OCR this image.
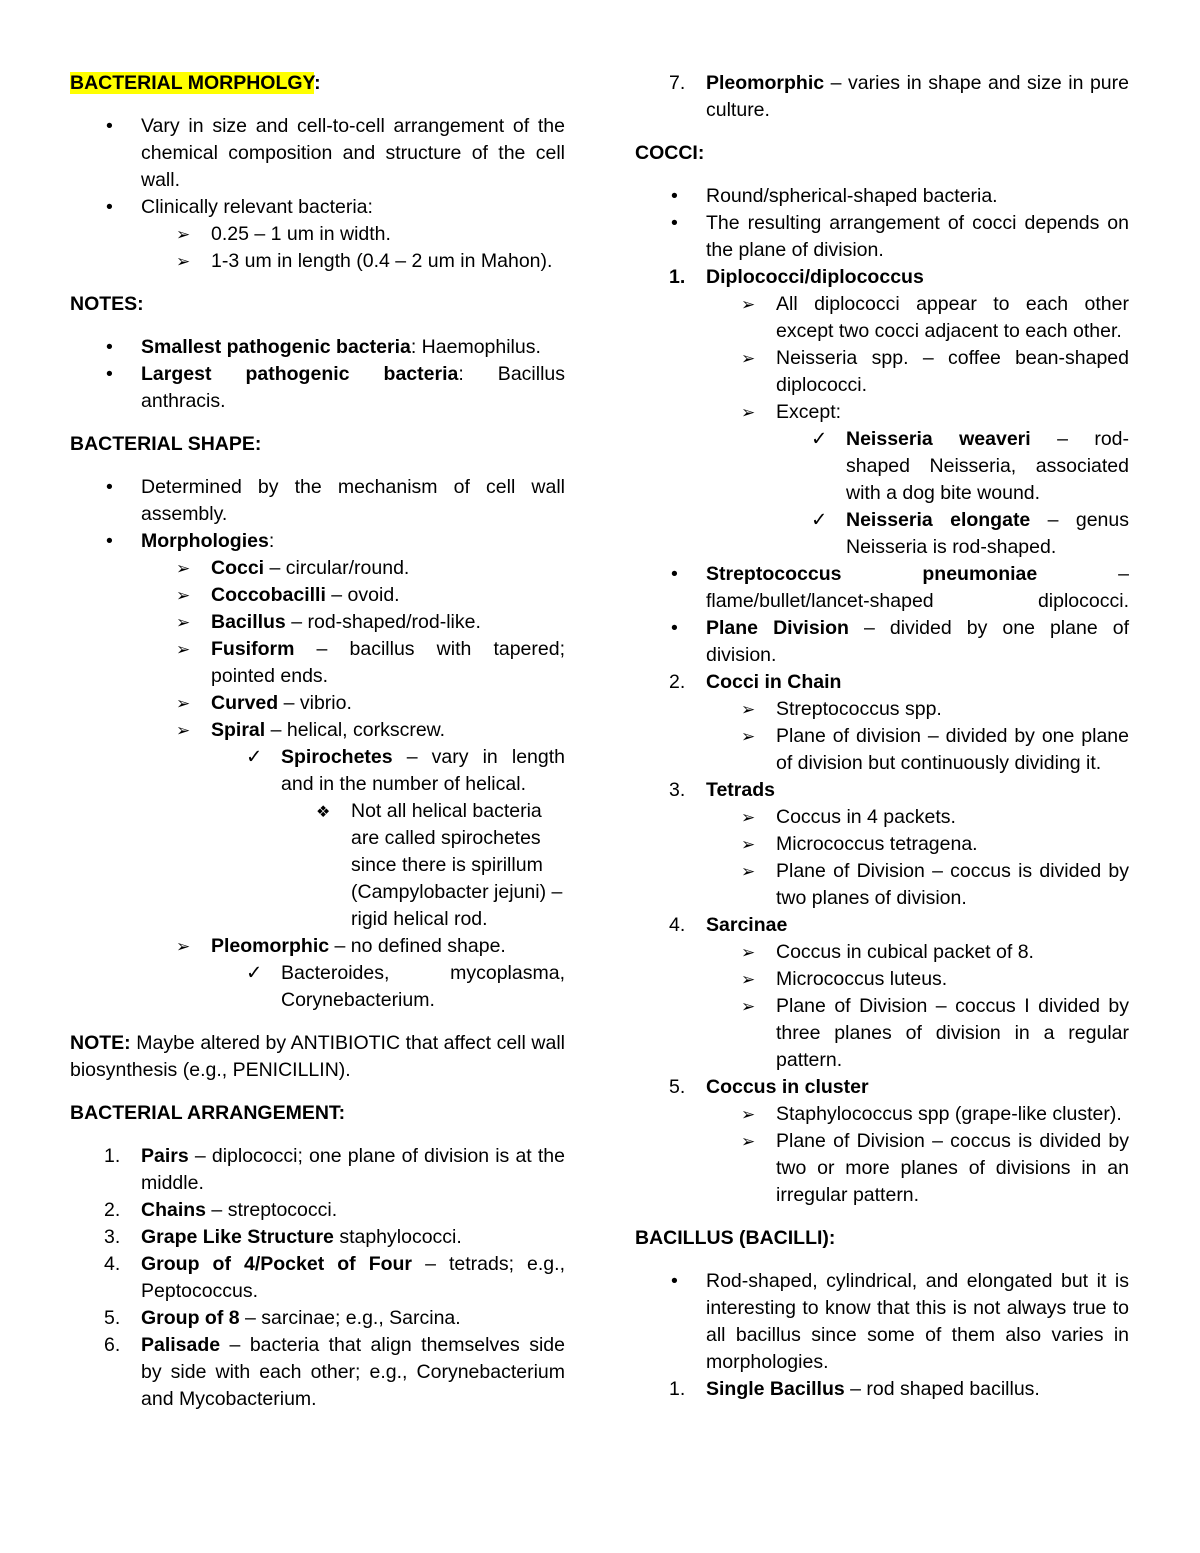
BACTERIAL MORPHOLGY:

•
Vary in size and cell-to-cell arrangement of the chemical composition and structure of the cell wall.
•
Clinically relevant bacteria:
➢
0.25 – 1 um in width.
➢
1-3 um in length (0.4 – 2 um in Mahon).

NOTES:

•
Smallest pathogenic bacteria: Haemophilus.
•
Largest pathogenic bacteria: Bacillus anthracis.

BACTERIAL SHAPE:

•
Determined by the mechanism of cell wall assembly.
•
Morphologies:
➢
Cocci – circular/round.
➢
Coccobacilli – ovoid.
➢
Bacillus – rod-shaped/rod-like.
➢
Fusiform – bacillus with tapered; pointed ends.
➢
Curved – vibrio.
➢
Spiral – helical, corkscrew.
✓
Spirochetes – vary in length and in the number of helical.
❖
Not all helical bacteria are called spirochetes since there is spirillum (Campylobacter jejuni) – rigid helical rod.
➢
Pleomorphic – no defined shape.
✓
Bacteroides, mycoplasma, Corynebacterium.

NOTE: Maybe altered by ANTIBIOTIC that affect cell wall biosynthesis (e.g., PENICILLIN).

BACTERIAL ARRANGEMENT:

1.	Pairs – diplococci; one plane of division is at the middle.
2.	Chains – streptococci.
3.	Grape Like Structure staphylococci.
4.	Group of 4/Pocket of Four – tetrads; e.g., Peptococcus.
5.	Group of 8 – sarcinae; e.g., Sarcina.
6.	Palisade – bacteria that align themselves side by side with each other; e.g., Corynebacterium and Mycobacterium.
7.	Pleomorphic – varies in shape and size in pure culture.

COCCI:

•
Round/spherical-shaped bacteria.
•
The resulting arrangement of cocci depends on the plane of division.
1.	Diplococci/diplococcus
➢
All diplococci appear to each other except two cocci adjacent to each other.
➢
Neisseria spp. – coffee bean-shaped diplococci.
➢
Except:
✓
Neisseria weaveri – rod-shaped Neisseria, associated with a dog bite wound.
✓
Neisseria elongate – genus Neisseria is rod-shaped.
•
Streptococcus pneumoniae – flame/bullet/lancet-shaped diplococci.
•
Plane Division – divided by one plane of division.
2.	Cocci in Chain
➢
Streptococcus spp.
➢
Plane of division – divided by one plane of division but continuously dividing it.
3.	Tetrads
➢
Coccus in 4 packets.
➢
Micrococcus tetragena.
➢
Plane of Division – coccus is divided by two planes of division.
4.	Sarcinae
➢
Coccus in cubical packet of 8.
➢
Micrococcus luteus.
➢
Plane of Division – coccus I divided by three planes of division in a regular pattern.
5.	Coccus in cluster
➢
Staphylococcus spp (grape-like cluster).
➢
Plane of Division – coccus is divided by two or more planes of divisions in an irregular pattern.

BACILLUS (BACILLI):

•
Rod-shaped, cylindrical, and elongated but it is interesting to know that this is not always true to all bacillus since some of them also varies in morphologies.
1.	Single Bacillus – rod shaped bacillus.
